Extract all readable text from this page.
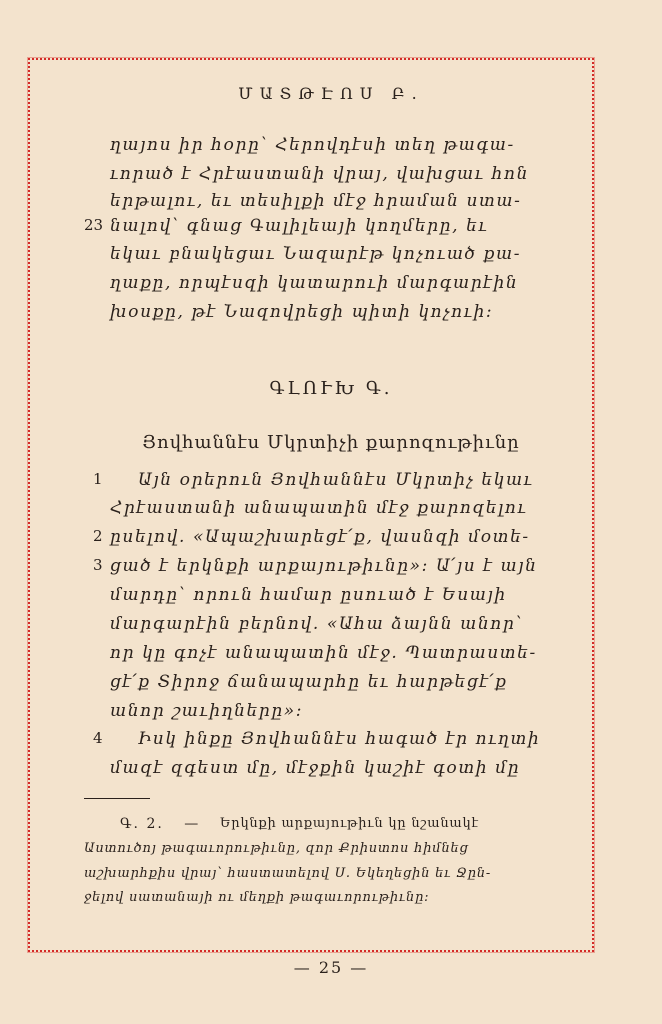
ՄԱՏԹԷՈՍ Բ.
ղայոս իր հօրը՝ Հերովդէսի տեղ թագա-
ւորած է Հրէաստանի վրայ, վախցաւ հոն
երթալու, եւ տեսիլքի մէջ հրաման ստա-
23 նալով՝ գնաց Գալիլեայի կողմերը, եւ
եկաւ բնակեցաւ Նազարէթ կոչուած քա-
ղաքը, որպէսզի կատարուի մարգարէին
խօսքը, թէ Նազովրեցի պիտի կոչուի:
ԳԼՈՒԽ Գ.
Յովհաննէս Մկրտիչի քարոզութիւնը
1 Այն օրերուն Յովհաննէս Մկրտիչ եկաւ
Հրէաստանի անապատին մէջ քարոզելու
2 ըսելով. «Ապաշխարեցէ՛ք, վասնզի մօտե-
3 ցած է երկնքի արքայութիւնը»: Ա՛յս է այն
մարդը՝ որուն համար ըսուած է Եսայի
մարգարէին բերնով. «Ահա ձայնն անոր՝
որ կը գոչէ անապատին մէջ. Պատրաստե-
ցէ՛ք Տիրոջ ճանապարհը եւ հարթեցէ՛ք
անոր շաւիղները»:
4 Իսկ ինքը Յովհաննէս հագած էր ուղտի
մազէ զգեստ մը, մէջքին կաշիէ գօտի մը
Գ. 2. — Երկնքի արքայութիւն կը նշանակէ
Աստուծոյ թագաւորութիւնը, զոր Քրիստոս հիմնեց
աշխարհքիս վրայ՝ հաստատելով Ս. Եկեղեցին եւ Ջըն-
ջելով սատանայի ու մեղքի թագաւորութիւնը:
— 25 —
